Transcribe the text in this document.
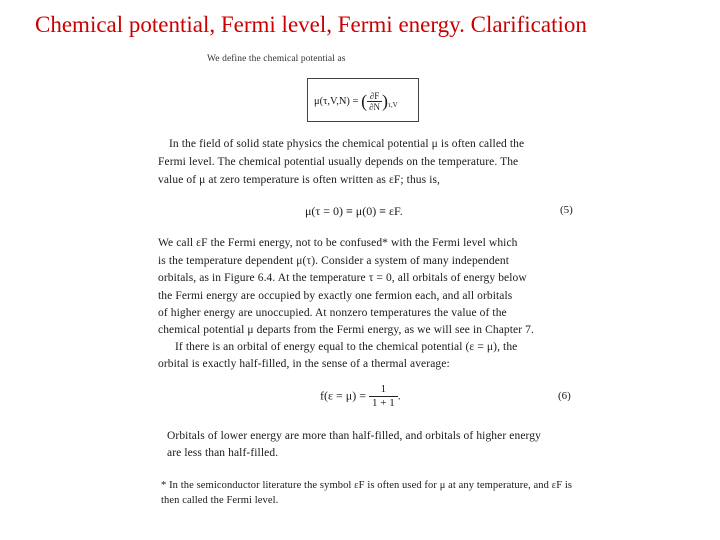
Chemical potential, Fermi level, Fermi energy. Clarification
We define the chemical potential as
μ(τ,V,N) = ( $\frac{\partial F}{\partial N} )_{\tau,V}$
In the field of solid state physics the chemical potential μ is often called the
Fermi level. The chemical potential usually depends on the temperature. The
value of μ at zero temperature is often written as εF; thus is,
μ(τ = 0) ≡ μ(0) ≡ εF.	(5)
We call εF the Fermi energy, not to be confused* with the Fermi level which
is the temperature dependent μ(τ). Consider a system of many independent
orbitals, as in Figure 6.4. At the temperature τ = 0, all orbitals of energy below
the Fermi energy are occupied by exactly one fermion each, and all orbitals
of higher energy are unoccupied. At nonzero temperatures the value of the
chemical potential μ departs from the Fermi energy, as we will see in Chapter 7.
If there is an orbital of energy equal to the chemical potential (ε = μ), the
orbital is exactly half-filled, in the sense of a thermal average:
$f(\varepsilon = \mu) = \frac{1}{1 + 1}$ .	(6)
Orbitals of lower energy are more than half-filled, and orbitals of higher energy
are less than half-filled.
* In the semiconductor literature the symbol εF is often used for μ at any temperature, and εF is
then called the Fermi level.
